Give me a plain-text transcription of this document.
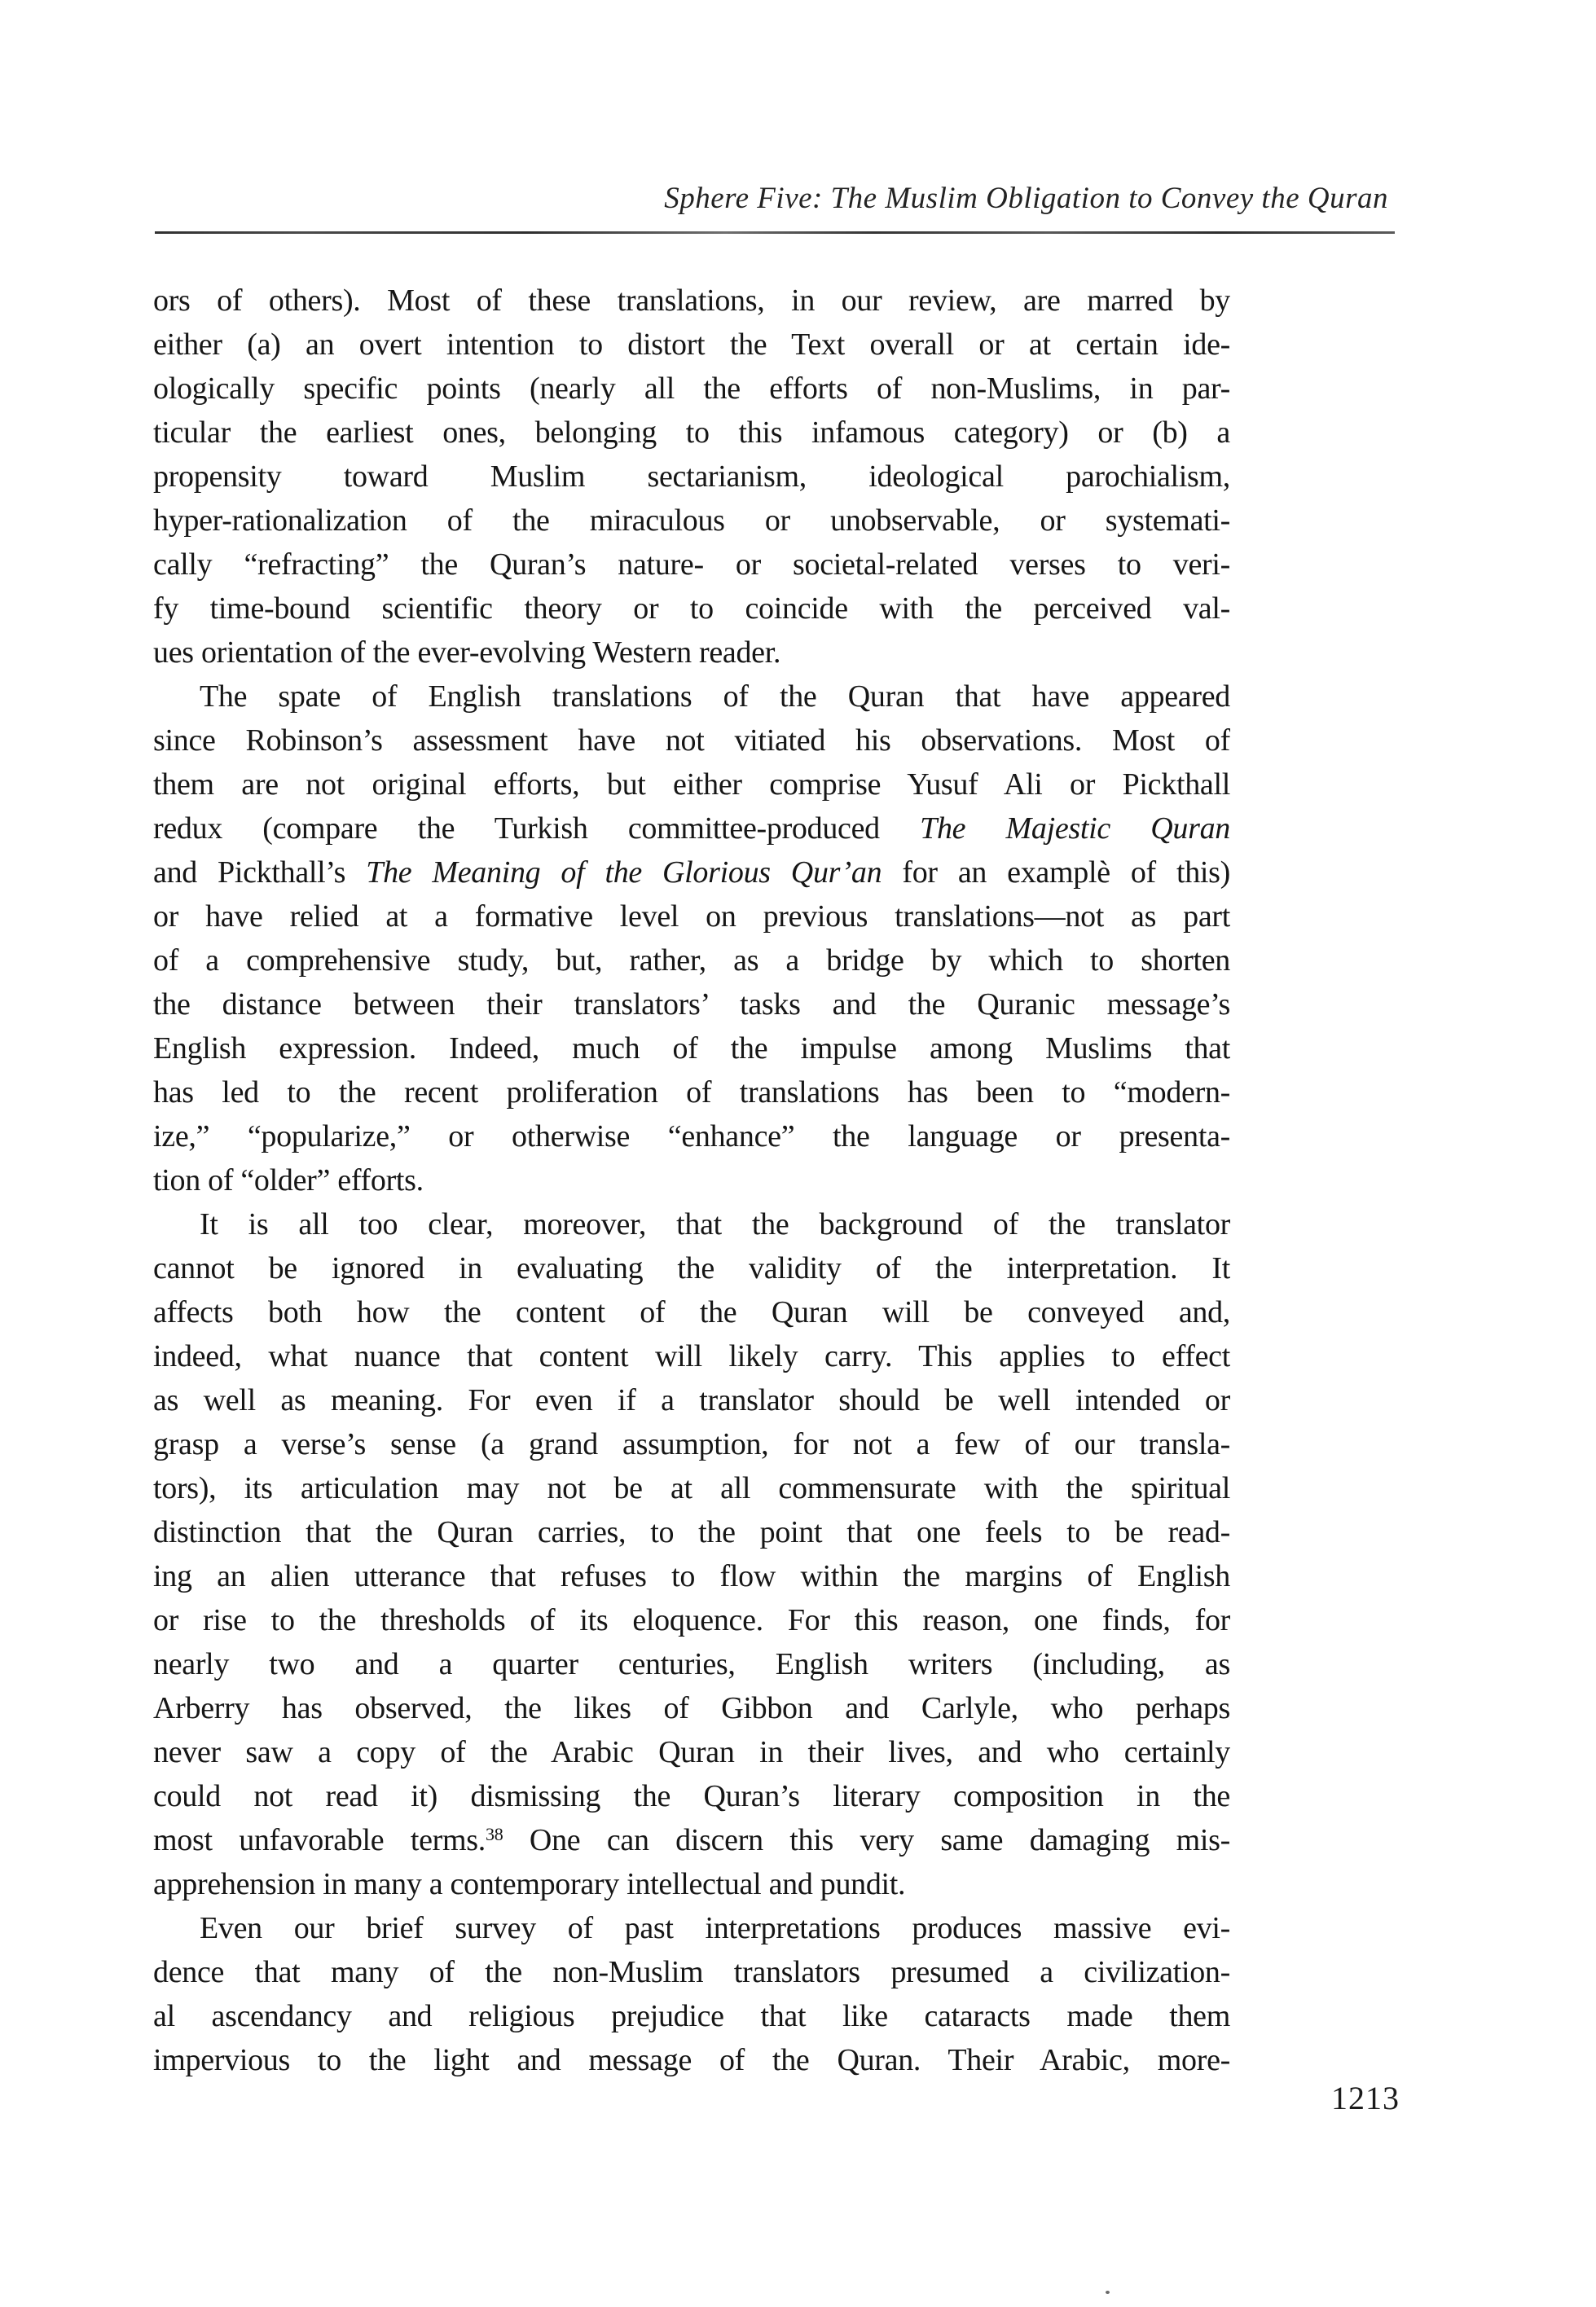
Sphere Five: The Muslim Obligation to Convey the Quran
ors of others). Most of these translations, in our review, are marred by
either (a) an overt intention to distort the Text overall or at certain ide-
ologically specific points (nearly all the efforts of non-Muslims, in par-
ticular the earliest ones, belonging to this infamous category) or (b) a
propensity toward Muslim sectarianism, ideological parochialism,
hyper-rationalization of the miraculous or unobservable, or systemati-
cally “refracting” the Quran’s nature- or societal-related verses to veri-
fy time-bound scientific theory or to coincide with the perceived val-
ues orientation of the ever-evolving Western reader.
The spate of English translations of the Quran that have appeared
since Robinson’s assessment have not vitiated his observations. Most of
them are not original efforts, but either comprise Yusuf Ali or Pickthall
redux (compare the Turkish committee-produced The Majestic Quran
and Pickthall’s The Meaning of the Glorious Qur’an for an examplè of this)
or have relied at a formative level on previous translations—not as part
of a comprehensive study, but, rather, as a bridge by which to shorten
the distance between their translators’ tasks and the Quranic message’s
English expression. Indeed, much of the impulse among Muslims that
has led to the recent proliferation of translations has been to “modern-
ize,” “popularize,” or otherwise “enhance” the language or presenta-
tion of “older” efforts.
It is all too clear, moreover, that the background of the translator
cannot be ignored in evaluating the validity of the interpretation. It
affects both how the content of the Quran will be conveyed and,
indeed, what nuance that content will likely carry. This applies to effect
as well as meaning. For even if a translator should be well intended or
grasp a verse’s sense (a grand assumption, for not a few of our transla-
tors), its articulation may not be at all commensurate with the spiritual
distinction that the Quran carries, to the point that one feels to be read-
ing an alien utterance that refuses to flow within the margins of English
or rise to the thresholds of its eloquence. For this reason, one finds, for
nearly two and a quarter centuries, English writers (including, as
Arberry has observed, the likes of Gibbon and Carlyle, who perhaps
never saw a copy of the Arabic Quran in their lives, and who certainly
could not read it) dismissing the Quran’s literary composition in the
most unfavorable terms.$^{38}$ One can discern this very same damaging mis-
apprehension in many a contemporary intellectual and pundit.
Even our brief survey of past interpretations produces massive evi-
dence that many of the non-Muslim translators presumed a civilization-
al ascendancy and religious prejudice that like cataracts made them
impervious to the light and message of the Quran. Their Arabic, more-
1213
